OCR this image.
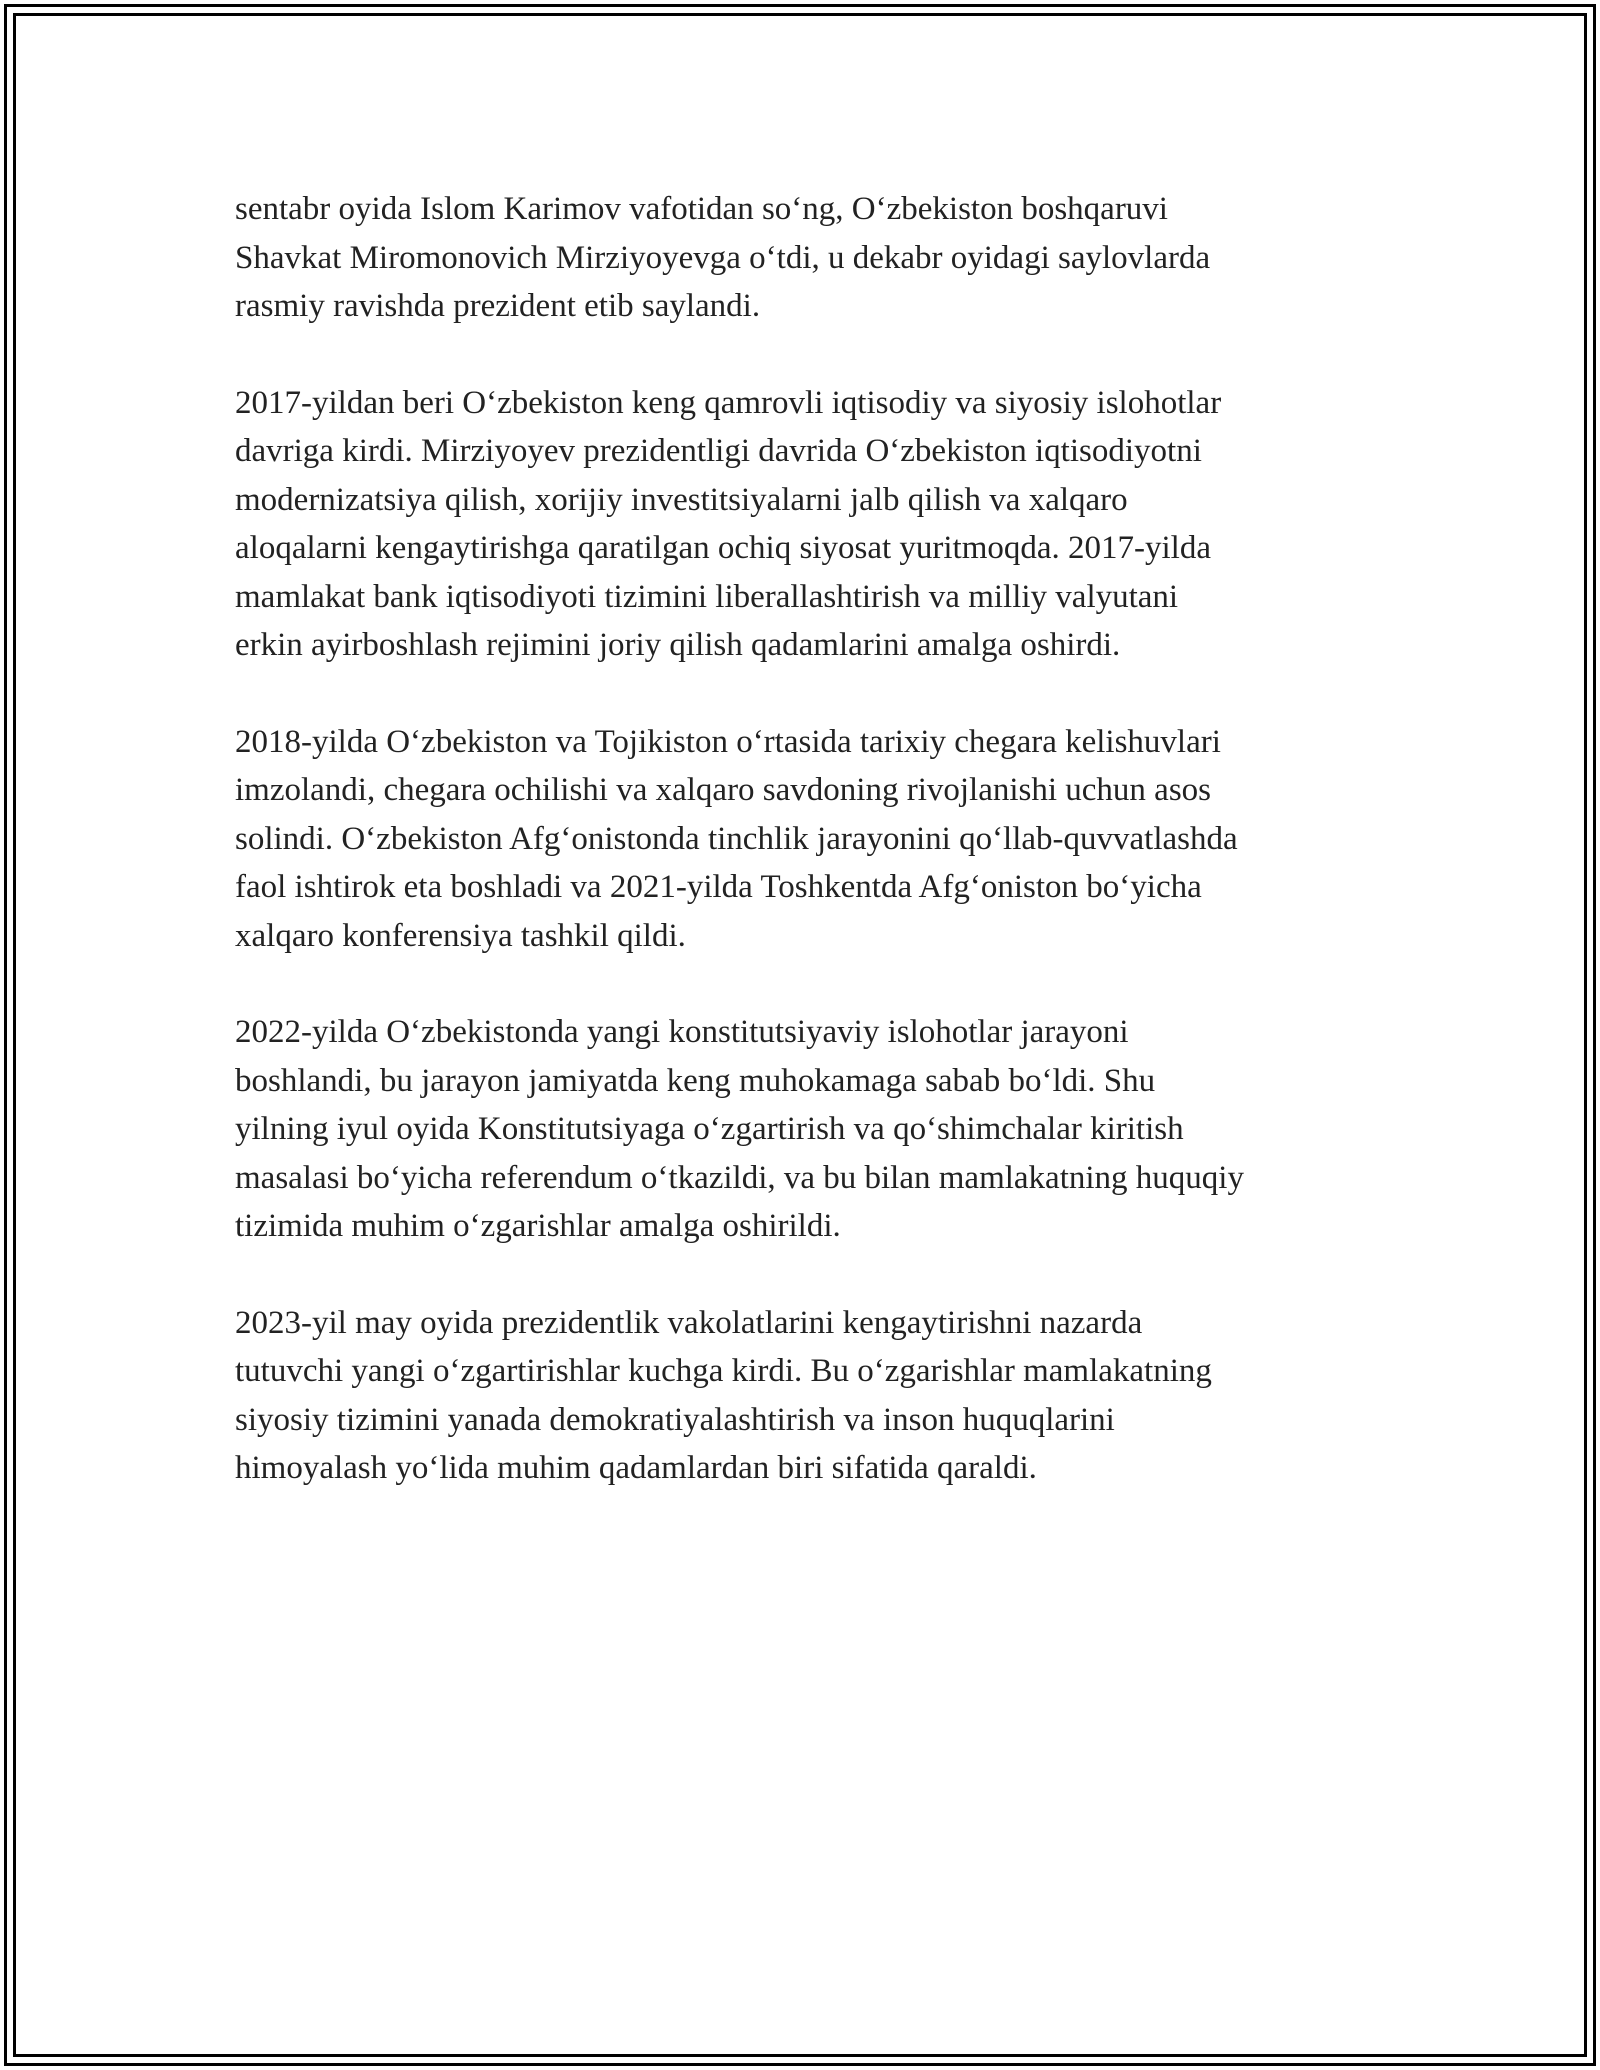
sentabr oyida Islom Karimov vafotidan so‘ng, O‘zbekiston boshqaruvi
Shavkat Miromonovich Mirziyoyevga o‘tdi, u dekabr oyidagi saylovlarda
rasmiy ravishda prezident etib saylandi.
2017-yildan beri O‘zbekiston keng qamrovli iqtisodiy va siyosiy islohotlar
davriga kirdi. Mirziyoyev prezidentligi davrida O‘zbekiston iqtisodiyotni
modernizatsiya qilish, xorijiy investitsiyalarni jalb qilish va xalqaro
aloqalarni kengaytirishga qaratilgan ochiq siyosat yuritmoqda. 2017-yilda
mamlakat bank iqtisodiyoti tizimini liberallashtirish va milliy valyutani
erkin ayirboshlash rejimini joriy qilish qadamlarini amalga oshirdi.
2018-yilda O‘zbekiston va Tojikiston o‘rtasida tarixiy chegara kelishuvlari
imzolandi, chegara ochilishi va xalqaro savdoning rivojlanishi uchun asos
solindi. O‘zbekiston Afg‘onistonda tinchlik jarayonini qo‘llab-quvvatlashda
faol ishtirok eta boshladi va 2021-yilda Toshkentda Afg‘oniston bo‘yicha
xalqaro konferensiya tashkil qildi.
2022-yilda O‘zbekistonda yangi konstitutsiyaviy islohotlar jarayoni
boshlandi, bu jarayon jamiyatda keng muhokamaga sabab bo‘ldi. Shu
yilning iyul oyida Konstitutsiyaga o‘zgartirish va qo‘shimchalar kiritish
masalasi bo‘yicha referendum o‘tkazildi, va bu bilan mamlakatning huquqiy
tizimida muhim o‘zgarishlar amalga oshirildi.
2023-yil may oyida prezidentlik vakolatlarini kengaytirishni nazarda
tutuvchi yangi o‘zgartirishlar kuchga kirdi. Bu o‘zgarishlar mamlakatning
siyosiy tizimini yanada demokratiyalashtirish va inson huquqlarini
himoyalash yo‘lida muhim qadamlardan biri sifatida qaraldi.
